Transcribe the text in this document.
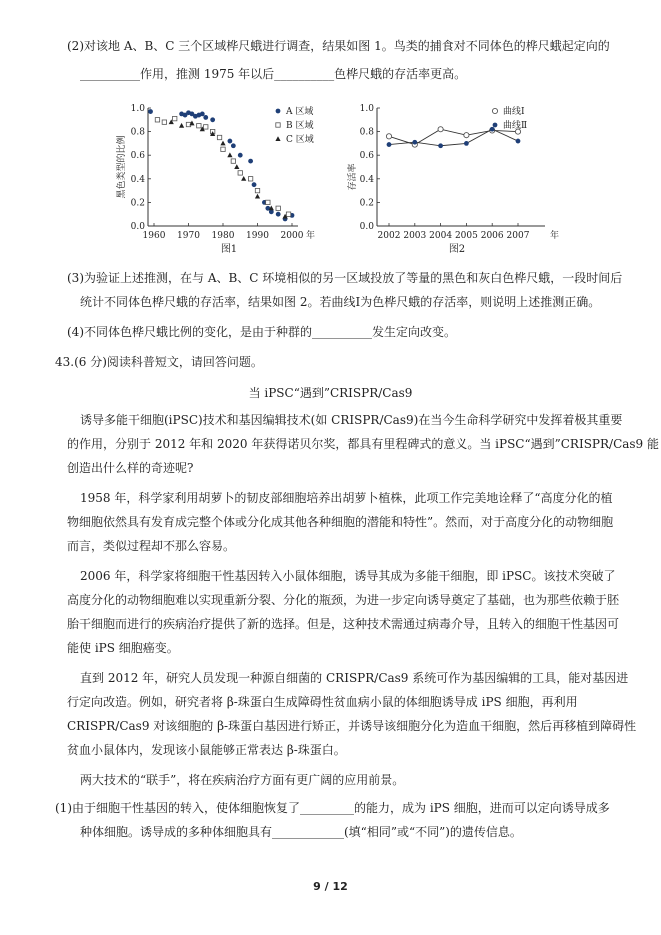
(2)对该地 A、B、C 三个区域桦尺蛾进行调查，结果如图 1。鸟类的捕食对不同体色的桦尺蛾起定向的
__________作用，推测 1975 年以后__________色桦尺蛾的存活率更高。
0.0
0.2
0.4
0.6
0.8
1.0
1960 1970 1980 1990 2000 年
图1
黑色类型的比例
A 区域
B 区域
C 区域
0.0
0.2
0.4
0.6
0.8
1.0
2002 2003 2004 2005 2006 2007 年
图2
存活率
曲线Ⅰ
曲线Ⅱ
(3)为验证上述推测，在与 A、B、C 环境相似的另一区域投放了等量的黑色和灰白色桦尺蛾，一段时间后
统计不同体色桦尺蛾的存活率，结果如图 2。若曲线Ⅰ为色桦尺蛾的存活率，则说明上述推测正确。
(4)不同体色桦尺蛾比例的变化，是由于种群的__________发生定向改变。
43.(6 分)阅读科普短文，请回答问题。
当 iPSC“遇到”CRISPR/Cas9
诱导多能干细胞(iPSC)技术和基因编辑技术(如 CRISPR/Cas9)在当今生命科学研究中发挥着极其重要
的作用，分别于 2012 年和 2020 年获得诺贝尔奖，都具有里程碑式的意义。当 iPSC“遇到”CRISPR/Cas9 能
创造出什么样的奇迹呢?
1958 年，科学家利用胡萝卜的韧皮部细胞培养出胡萝卜植株，此项工作完美地诠释了“高度分化的植
物细胞依然具有发育成完整个体或分化成其他各种细胞的潜能和特性”。然而，对于高度分化的动物细胞
而言，类似过程却不那么容易。
2006 年，科学家将细胞干性基因转入小鼠体细胞，诱导其成为多能干细胞，即 iPSC。该技术突破了
高度分化的动物细胞难以实现重新分裂、分化的瓶颈，为进一步定向诱导奠定了基础，也为那些依赖于胚
胎干细胞而进行的疾病治疗提供了新的选择。但是，这种技术需通过病毒介导，且转入的细胞干性基因可
能使 iPS 细胞癌变。
直到 2012 年，研究人员发现一种源自细菌的 CRISPR/Cas9 系统可作为基因编辑的工具，能对基因进
行定向改造。例如，研究者将 β-珠蛋白生成障碍性贫血病小鼠的体细胞诱导成 iPS 细胞，再利用
CRISPR/Cas9 对该细胞的 β-珠蛋白基因进行矫正，并诱导该细胞分化为造血干细胞，然后再移植到障碍性
贫血小鼠体内，发现该小鼠能够正常表达 β-珠蛋白。
两大技术的“联手”，将在疾病治疗方面有更广阔的应用前景。
(1)由于细胞干性基因的转入，使体细胞恢复了_________的能力，成为 iPS 细胞，进而可以定向诱导成多
种体细胞。诱导成的多种体细胞具有____________(填“相同”或“不同”)的遗传信息。
9 / 12
